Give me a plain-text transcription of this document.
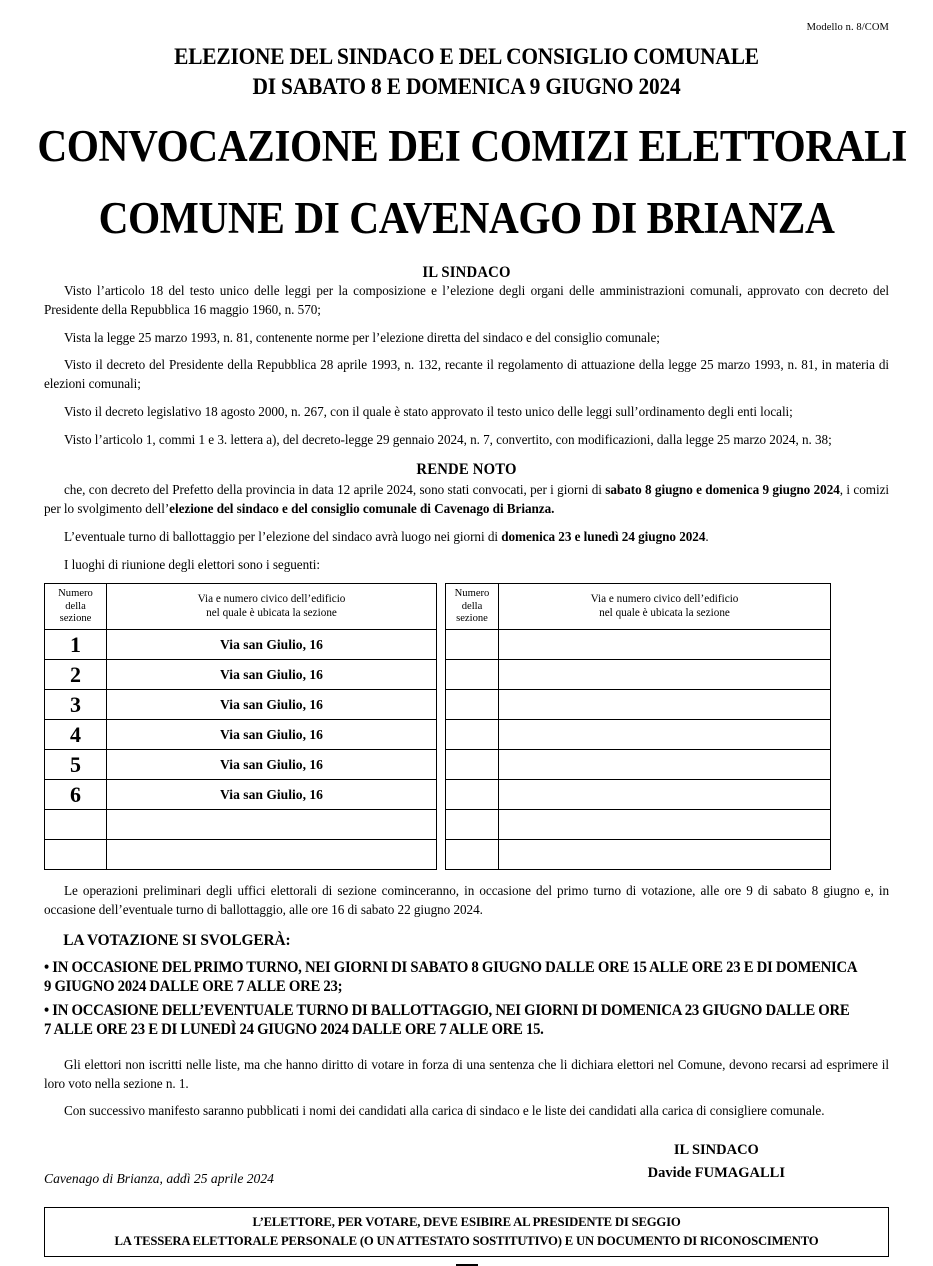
Modello n. 8/COM
ELEZIONE DEL SINDACO E DEL CONSIGLIO COMUNALE
DI SABATO 8 E DOMENICA 9 GIUGNO 2024
CONVOCAZIONE DEI COMIZI ELETTORALI
COMUNE DI CAVENAGO DI BRIANZA
IL SINDACO

Visto l’articolo 18 del testo unico delle leggi per la composizione e l’elezione degli organi delle amministrazioni comunali, approvato con decreto del Presidente della Repubblica 16 maggio 1960, n. 570;

Vista la legge 25 marzo 1993, n. 81, contenente norme per l’elezione diretta del sindaco e del consiglio comunale;

Visto il decreto del Presidente della Repubblica 28 aprile 1993, n. 132, recante il regolamento di attuazione della legge 25 marzo 1993, n. 81, in materia di elezioni comunali;

Visto il decreto legislativo 18 agosto 2000, n. 267, con il quale è stato approvato il testo unico delle leggi sull’ordinamento degli enti locali;

Visto l’articolo 1, commi 1 e 3. lettera a), del decreto-legge 29 gennaio 2024, n. 7, convertito, con modificazioni, dalla legge 25 marzo 2024, n. 38;

RENDE NOTO

che, con decreto del Prefetto della provincia in data 12 aprile 2024, sono stati convocati, per i giorni di sabato 8 giugno e domenica 9 giugno 2024, i comizi per lo svolgimento dell’elezione del sindaco e del consiglio comunale di Cavenago di Brianza.

L’eventuale turno di ballottaggio per l’elezione del sindaco avrà luogo nei giorni di domenica 23 e lunedì 24 giugno 2024.

I luoghi di riunione degli elettori sono i seguenti:

Numero
della
sezione

Via e numero civico dell’edificio
nel quale è ubicata la sezione

1	Via san Giulio, 16
2	Via san Giulio, 16
3	Via san Giulio, 16
4	Via san Giulio, 16
5	Via san Giulio, 16
6	Via san Giulio, 16

Numero
della
sezione

Via e numero civico dell’edificio
nel quale è ubicata la sezione

Le operazioni preliminari degli uffici elettorali di sezione cominceranno, in occasione del primo turno di votazione, alle ore 9 di sabato 8 giugno e, in occasione dell’eventuale turno di ballottaggio, alle ore 16 di sabato 22 giugno 2024.

LA VOTAZIONE SI SVOLGERÀ:

• IN OCCASIONE DEL PRIMO TURNO, NEI GIORNI DI SABATO 8 GIUGNO DALLE ORE 15 ALLE ORE 23 E DI DOMENICA 9 GIUGNO 2024 DALLE ORE 7 ALLE ORE 23;

• IN OCCASIONE DELL’EVENTUALE TURNO DI BALLOTTAGGIO, NEI GIORNI DI DOMENICA 23 GIUGNO DALLE ORE 7 ALLE ORE 23 E DI LUNEDÌ 24 GIUGNO 2024 DALLE ORE 7 ALLE ORE 15.

Gli elettori non iscritti nelle liste, ma che hanno diritto di votare in forza di una sentenza che li dichiara elettori nel Comune, devono recarsi ad esprimere il loro voto nella sezione n. 1.

Con successivo manifesto saranno pubblicati i nomi dei candidati alla carica di sindaco e le liste dei candidati alla carica di consigliere comunale.

IL SINDACO
Davide FUMAGALLI
Cavenago di Brianza, addì 25 aprile 2024
L’ELETTORE, PER VOTARE, DEVE ESIBIRE AL PRESIDENTE DI SEGGIO
LA TESSERA ELETTORALE PERSONALE (O UN ATTESTATO SOSTITUTIVO) E UN DOCUMENTO DI RICONOSCIMENTO
